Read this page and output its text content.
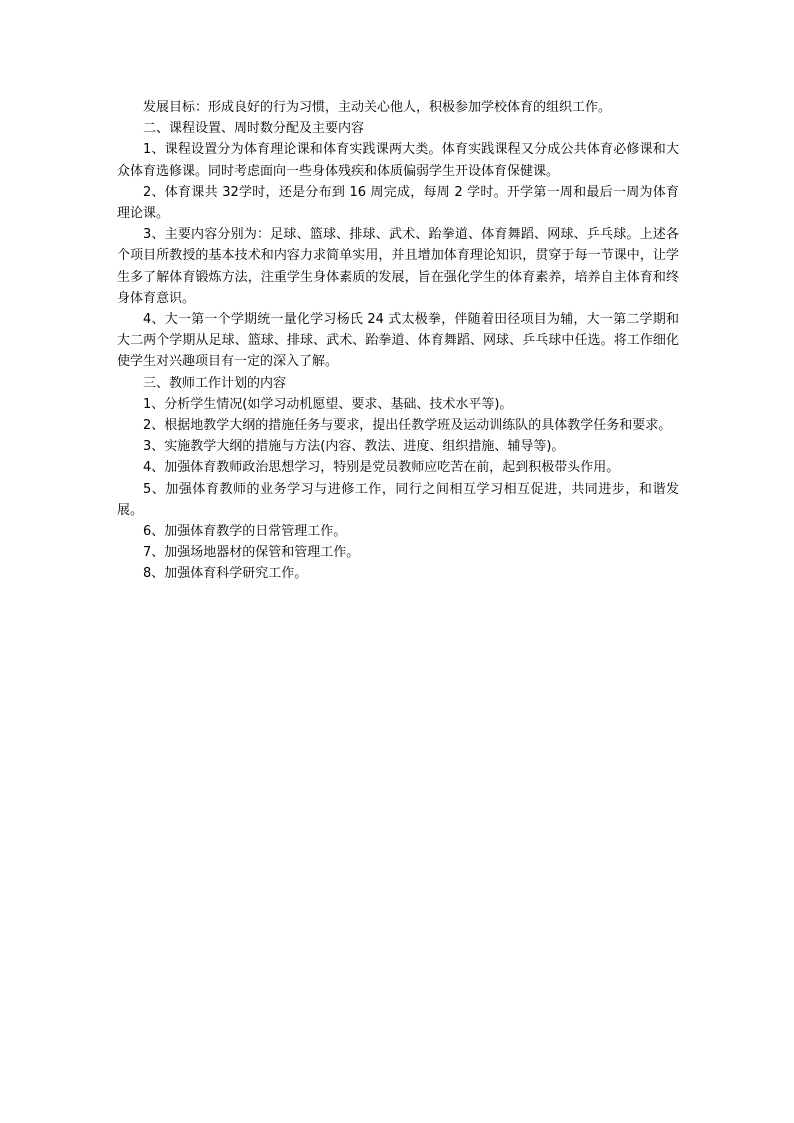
发展目标：形成良好的行为习惯，主动关心他人，积极参加学校体育的组织工作。

二、课程设置、周时数分配及主要内容

1、课程设置分为体育理论课和体育实践课两大类。体育实践课程又分成公共体育必修课和大众体育选修课。同时考虑面向一些身体残疾和体质偏弱学生开设体育保健课。

2、体育课共 32学时，还是分布到 16 周完成，每周 2 学时。开学第一周和最后一周为体育理论课。

3、主要内容分别为：足球、篮球、排球、武术、跆拳道、体育舞蹈、网球、乒乓球。上述各个项目所教授的基本技术和内容力求简单实用，并且增加体育理论知识，贯穿于每一节课中，让学生多了解体育锻炼方法，注重学生身体素质的发展，旨在强化学生的体育素养，培养自主体育和终身体育意识。

4、大一第一个学期统一量化学习杨氏 24 式太极拳，伴随着田径项目为辅，大一第二学期和大二两个学期从足球、篮球、排球、武术、跆拳道、体育舞蹈、网球、乒乓球中任选。将工作细化使学生对兴趣项目有一定的深入了解。

三、教师工作计划的内容

1、分析学生情况(如学习动机愿望、要求、基础、技术水平等)。

2、根据地教学大纲的措施任务与要求，提出任教学班及运动训练队的具体教学任务和要求。

3、实施教学大纲的措施与方法(内容、教法、进度、组织措施、辅导等)。

4、加强体育教师政治思想学习，特别是党员教师应吃苦在前，起到积极带头作用。

5、加强体育教师的业务学习与进修工作，同行之间相互学习相互促进，共同进步，和谐发展。

6、加强体育教学的日常管理工作。

7、加强场地器材的保管和管理工作。

8、加强体育科学研究工作。
